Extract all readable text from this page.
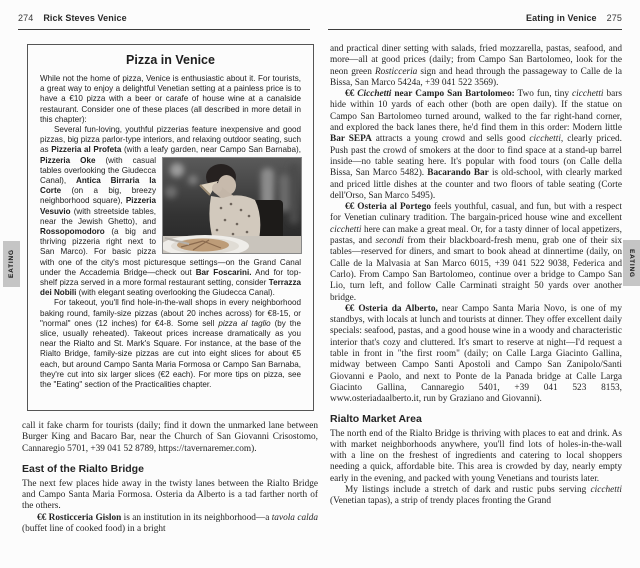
274 Rick Steves Venice	Eating in Venice 275
EATING	EATING
Pizza in Venice

While not the home of pizza, Venice is enthusiastic about it. For tourists, a great way to enjoy a delightful Venetian setting at a painless price is to have a €10 pizza with a beer or carafe of house wine at a canalside restaurant. Consider one of these places (all described in more detail in this chapter):

Several fun-loving, youthful pizzerias feature inexpensive and good pizzas, big pizza parlor-type interiors, and relaxing outdoor seating, such as Pizzeria al Profeta (with a leafy garden, near Campo San Barnaba), Pizzeria Oke (with casual
tables overlooking the Giudecca Canal), Antica Birraria la Corte (on a big, breezy neighborhood square), Pizzeria Vesuvio (with streetside tables, near the Jewish Ghetto), and Rossopomodoro (a big and thriving pizzeria right next to San Marco). For basic pizza with one of the city's most picturesque settings—on the Grand Canal under the Accademia Bridge—check out Bar Foscarini. And for top-shelf pizza served in a more formal restaurant setting, consider Terrazza dei Nobili (with elegant seating overlooking the Giudecca Canal).

For takeout, you'll find hole-in-the-wall shops in every neighborhood baking round, family-size pizzas (about 20 inches across) for €8-15, or "normal" ones (12 inches) for €4-8. Some sell pizza al taglio (by the slice, usually reheated). Takeout prices increase dramatically as you near the Rialto and St. Mark's Square. For instance, at the base of the Rialto Bridge, family-size pizzas are cut into eight slices for about €5 each, but around Campo Santa Maria Formosa or Campo San Barnaba, they're cut into six larger slices (€2 each). For more tips on pizza, see the "Eating" section of the Practicalities chapter.

call it fake charm for tourists (daily; find it down the unmarked lane between Burger King and Bacaro Bar, near the Church of San Giovanni Crisostomo, Cannaregio 5701, +39 041 52 8789, https://tavernaremer.com).

East of the Rialto Bridge

The next few places hide away in the twisty lanes between the Rialto Bridge and Campo Santa Maria Formosa. Osteria da Alberto is a tad farther north of the others.

€€ Rosticceria Gislon is an institution in its neighborhood—a tavola calda (buffet line of cooked food) in a bright

and practical diner setting with salads, fried mozzarella, pastas, seafood, and more—all at good prices (daily; from Campo San Bartolomeo, look for the neon green Rosticceria sign and head through the passageway to Calle de la Bissa, San Marco 5424a, +39 041 522 3569).

€€ Cicchetti near Campo San Bartolomeo: Two fun, tiny cicchetti bars hide within 10 yards of each other (both are open daily). If the statue on Campo San Bartolomeo turned around, walked to the far right-hand corner, and explored the back lanes there, he'd find them in this order: Modern little Bar SEPA attracts a young crowd and sells good cicchetti, clearly priced. Push past the crowd of smokers at the door to find space at a stand-up barrel inside—no table seating here. It's popular with food tours (on Calle della Bissa, San Marco 5482). Bacarando Bar is old-school, with clearly marked and priced little dishes at the counter and two floors of table seating (Corte dell'Orso, San Marco 5495).

€€ Osteria al Portego feels youthful, casual, and fun, but with a respect for Venetian culinary tradition. The bargain-priced house wine and excellent cicchetti here can make a great meal. Or, for a tasty dinner of local appetizers, pastas, and secondi from their blackboard-fresh menu, grab one of their six tables—reserved for diners, and smart to book ahead at dinnertime (daily, on Calle de la Malvasia at San Marco 6015, +39 041 522 9038, Federica and Carlo). From Campo San Bartolomeo, continue over a bridge to Campo San Lio, turn left, and follow Calle Carminati straight 50 yards over another bridge.

€€ Osteria da Alberto, near Campo Santa Maria Novo, is one of my standbys, with locals at lunch and tourists at dinner. They offer excellent daily specials: seafood, pastas, and a good house wine in a woody and characteristic interior that's cozy and cluttered. It's smart to reserve at night—I'd request a table in front in "the first room" (daily; on Calle Larga Giacinto Gallina, midway between Campo Santi Apostoli and Campo San Zanipolo/Santi Giovanni e Paolo, and next to Ponte de la Panada bridge at Calle Larga Giacinto Gallina, Cannaregio 5401, +39 041 523 8153, www.osteriadaalberto.it, run by Graziano and Giovanni).

Rialto Market Area

The north end of the Rialto Bridge is thriving with places to eat and drink. As with market neighborhoods anywhere, you'll find lots of holes-in-the-wall with a line on the freshest of ingredients and catering to local shoppers needing a quick, affordable bite. This area is crowded by day, nearly empty early in the evening, and packed with young Venetians and tourists later.

My listings include a stretch of dark and rustic pubs serving cicchetti (Venetian tapas), a strip of trendy places fronting the Grand
